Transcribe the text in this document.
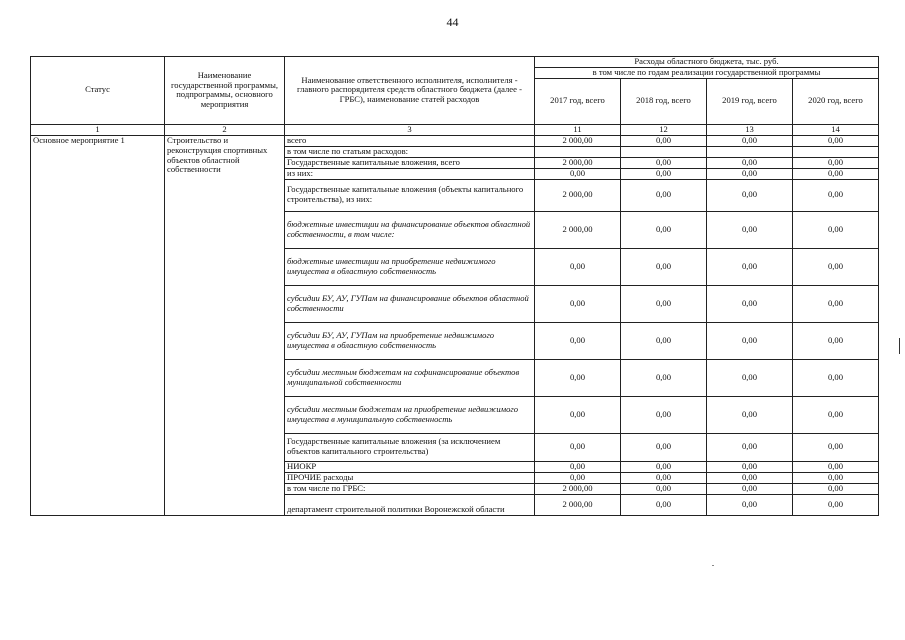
44
Статус	Наименование государственной программы, подпрограммы, основного мероприятия	Наименование ответственного исполнителя, исполнителя - главного распорядителя средств областного бюджета (далее - ГРБС), наименование статей расходов	Расходы областного бюджета, тыс. руб.			
			в том числе по годам реализации государственной программы			
			2017 год, всего	2018 год, всего	2019 год, всего	2020 год, всего
1	2	3	11	12	13	14
Основное мероприятие 1	Строительство и реконструкция спортивных объектов областной собственности	всего	2 000,00	0,00	0,00	0,00
		в том числе по статьям расходов:				
		Государственные капитальные вложения, всего	2 000,00	0,00	0,00	0,00
		из них:	0,00	0,00	0,00	0,00
		Государственные капитальные вложения (объекты капитального строительства), из них:	2 000,00	0,00	0,00	0,00
		бюджетные инвестиции на финансирование объектов областной собственности, в том числе:	2 000,00	0,00	0,00	0,00
		бюджетные инвестиции на приобретение недвижимого имущества в областную собственность	0,00	0,00	0,00	0,00
		субсидии БУ, АУ, ГУПам на финансирование объектов областной собственности	0,00	0,00	0,00	0,00
		субсидии БУ, АУ, ГУПам на приобретение недвижимого имущества в областную собственность	0,00	0,00	0,00	0,00
		субсидии местным бюджетам на софинансирование объектов муниципальной собственности	0,00	0,00	0,00	0,00
		субсидии местным бюджетам на приобретение недвижимого имущества в муниципальную собственность	0,00	0,00	0,00	0,00
		Государственные капитальные вложения (за исключением объектов капитального строительства)	0,00	0,00	0,00	0,00
		НИОКР	0,00	0,00	0,00	0,00
		ПРОЧИЕ расходы	0,00	0,00	0,00	0,00
		в том числе по ГРБС:	2 000,00	0,00	0,00	0,00
		департамент строительной политики Воронежской области	2 000,00	0,00	0,00	0,00
